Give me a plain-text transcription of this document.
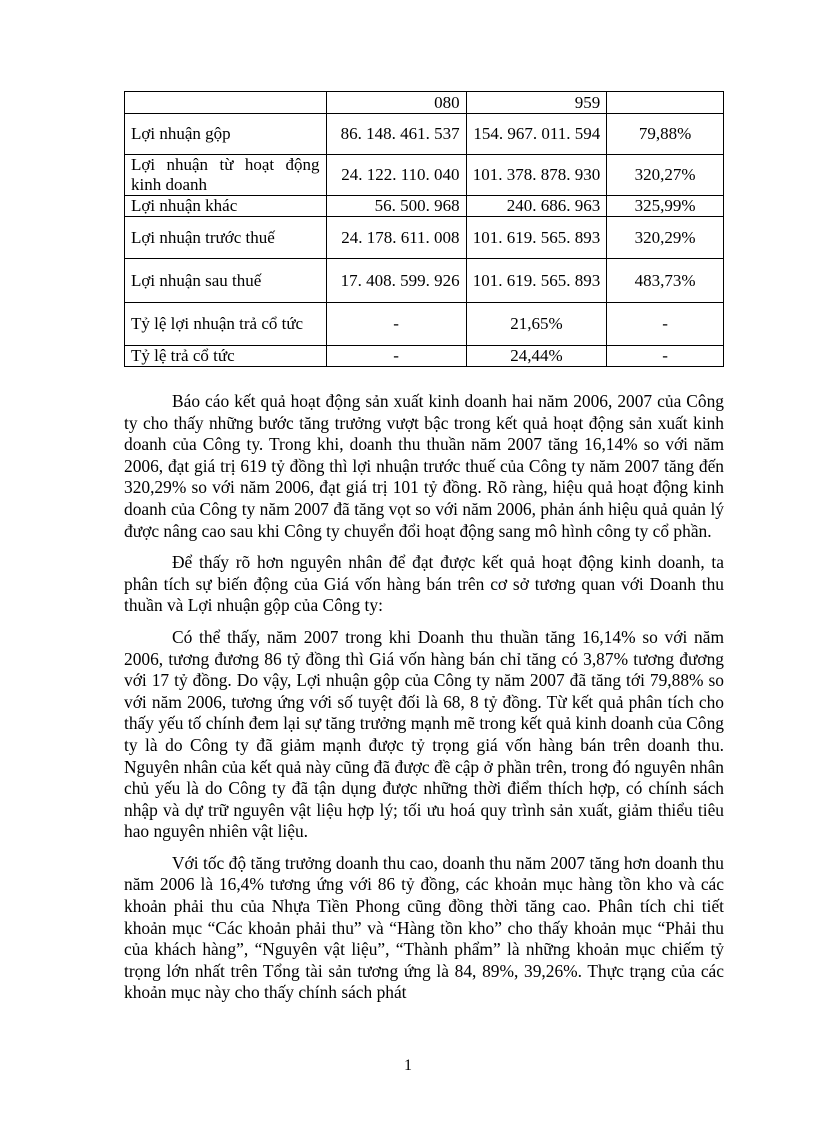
	080	959	
Lợi nhuận gộp	86. 148. 461. 537	154. 967. 011. 594	79,88%
Lợi nhuận từ hoạt động kinh doanh	24. 122. 110. 040	101. 378. 878. 930	320,27%
Lợi nhuận khác	56. 500. 968	240. 686. 963	325,99%
Lợi nhuận trước thuế	24. 178. 611. 008	101. 619. 565. 893	320,29%
Lợi nhuận sau thuế	17. 408. 599. 926	101. 619. 565. 893	483,73%
Tỷ lệ lợi nhuận trả cổ tức	-	21,65%	-
Tỷ lệ trả cổ tức	-	24,44%	-

Báo cáo kết quả hoạt động sản xuất kinh doanh hai năm 2006, 2007 của Công ty cho thấy những bước tăng trưởng vượt bậc trong kết quả hoạt động sản xuất kinh doanh của Công ty. Trong khi, doanh thu thuần năm 2007 tăng 16,14% so với năm 2006, đạt giá trị 619 tỷ đồng thì lợi nhuận trước thuế của Công ty năm 2007 tăng đến 320,29% so với năm 2006, đạt giá trị 101 tỷ đồng. Rõ ràng, hiệu quả hoạt động kinh doanh của Công ty năm 2007 đã tăng vọt so với năm 2006, phản ánh hiệu quả quản lý được nâng cao sau khi Công ty chuyển đổi hoạt động sang mô hình công ty cổ phần.

Để thấy rõ hơn nguyên nhân để đạt được kết quả hoạt động kinh doanh, ta phân tích sự biến động của Giá vốn hàng bán trên cơ sở tương quan với Doanh thu thuần và Lợi nhuận gộp của Công ty:

Có thể thấy, năm 2007 trong khi Doanh thu thuần tăng 16,14% so với năm 2006, tương đương 86 tỷ đồng thì Giá vốn hàng bán chỉ tăng có 3,87% tương đương với 17 tỷ đồng. Do vậy, Lợi nhuận gộp của Công ty năm 2007 đã tăng tới 79,88% so với năm 2006, tương ứng với số tuyệt đối là 68, 8 tỷ đồng. Từ kết quả phân tích cho thấy yếu tố chính đem lại sự tăng trưởng mạnh mẽ trong kết quả kinh doanh của Công ty là do Công ty đã giảm mạnh được tỷ trọng giá vốn hàng bán trên doanh thu. Nguyên nhân của kết quả này cũng đã được đề cập ở phần trên, trong đó nguyên nhân chủ yếu là do Công ty đã tận dụng được những thời điểm thích hợp, có chính sách nhập và dự trữ nguyên vật liệu hợp lý; tối ưu hoá quy trình sản xuất, giảm thiểu tiêu hao nguyên nhiên vật liệu.

Với tốc độ tăng trưởng doanh thu cao, doanh thu năm 2007 tăng hơn doanh thu năm 2006 là 16,4% tương ứng với 86 tỷ đồng, các khoản mục hàng tồn kho và các khoản phải thu của Nhựa Tiền Phong cũng đồng thời tăng cao. Phân tích chi tiết khoản mục “Các khoản phải thu” và “Hàng tồn kho” cho thấy khoản mục “Phải thu của khách hàng”, “Nguyên vật liệu”, “Thành phẩm” là những khoản mục chiếm tỷ trọng lớn nhất trên Tổng tài sản tương ứng là 84, 89%, 39,26%. Thực trạng của các khoản mục này cho thấy chính sách phát

1
